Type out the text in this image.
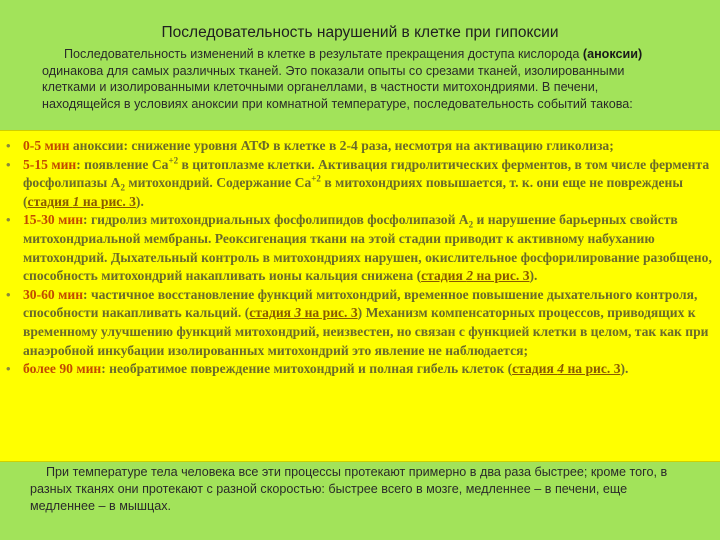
Последовательность нарушений в клетке при гипоксии
Последовательность изменений в клетке в результате прекращения доступа кислорода (аноксии) одинакова для самых различных тканей. Это показали опыты со срезами тканей, изолированными клетками и изолированными клеточными органеллами, в частности митохондриями. В печени, находящейся в условиях аноксии при комнатной температуре, последовательность событий такова:
• 0-5 мин аноксии: снижение уровня АТФ в клетке в 2-4 раза, несмотря на активацию гликолиза;
• 5-15 мин: появление $Са^{+2}$ в цитоплазме клетки. Активация гидролитических ферментов, в том числе фермента фосфолипазы $А_2$ митохондрий. Содержание $Са^{+2}$ в митохондриях повышается, т. к. они еще не повреждены (стадия 1 на рис. 3).
• 15-30 мин: гидролиз митохондриальных фосфолипидов фосфолипазой $А_2$ и нарушение барьерных свойств митохондриальной мембраны. Реоксигенация ткани на этой стадии приводит к активному набуханию митохондрий. Дыхательный контроль в митохондриях нарушен, окислительное фосфорилирование разобщено, способность митохондрий накапливать ионы кальция снижена (стадия 2 на рис. 3).
• 30-60 мин: частичное восстановление функций митохондрий, временное повышение дыхательного контроля, способности накапливать кальций. (стадия 3 на рис. 3) Механизм компенсаторных процессов, приводящих к временному улучшению функций митохондрий, неизвестен, но связан с функцией клетки в целом, так как при анаэробной инкубации изолированных митохондрий это явление не наблюдается;
• более 90 мин: необратимое повреждение митохондрий и полная гибель клеток (стадия 4 на рис. 3).
При температуре тела человека все эти процессы протекают примерно в два раза быстрее; кроме того, в разных тканях они протекают с разной скоростью: быстрее всего в мозге, медленнее – в печени, еще медленнее – в мышцах.
